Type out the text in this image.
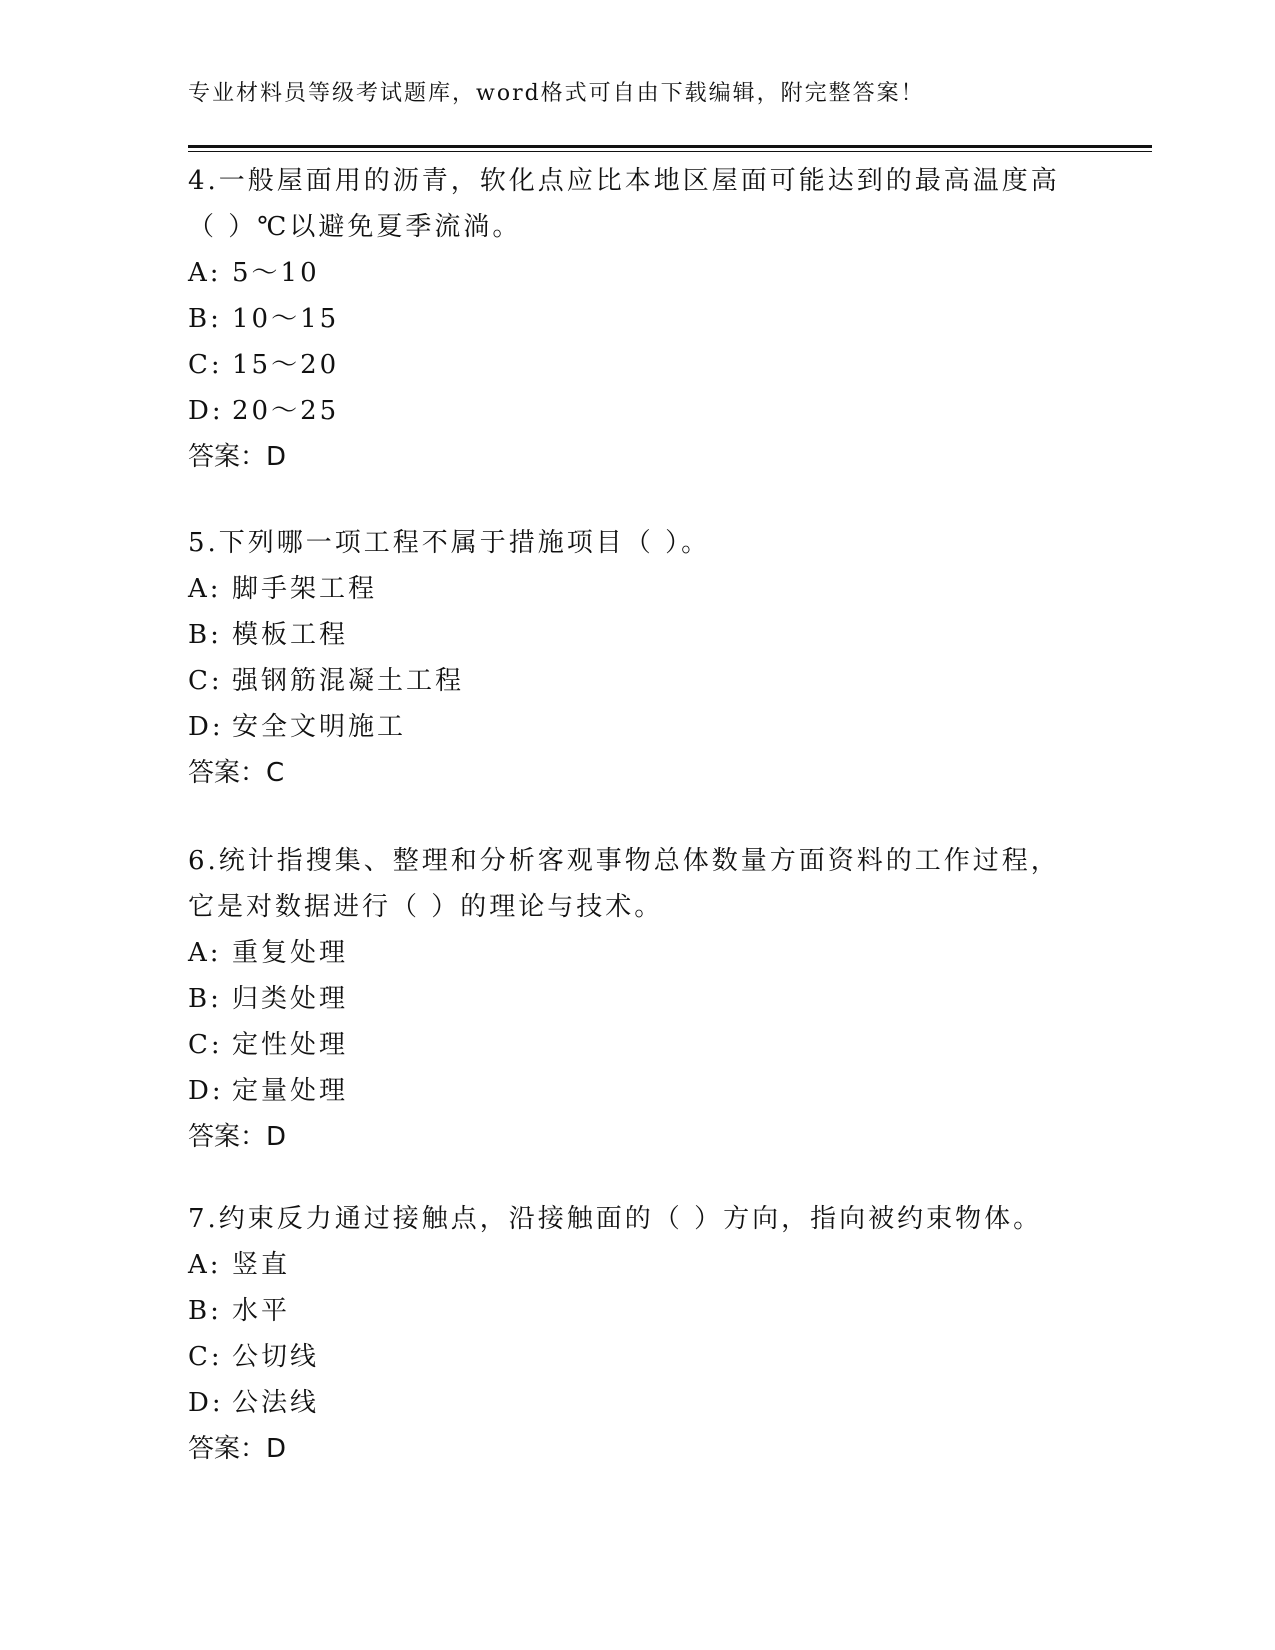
专业材料员等级考试题库，word格式可自由下载编辑，附完整答案！
4.一般屋面用的沥青，软化点应比本地区屋面可能达到的最高温度高
（ ）℃以避免夏季流淌。
A: 5～10
B: 10～15
C: 15～20
D: 20～25
答案：D
5.下列哪一项工程不属于措施项目（ ）。
A: 脚手架工程
B: 模板工程
C: 强钢筋混凝土工程
D: 安全文明施工
答案：C
6.统计指搜集、整理和分析客观事物总体数量方面资料的工作过程，
它是对数据进行（ ）的理论与技术。
A: 重复处理
B: 归类处理
C: 定性处理
D: 定量处理
答案：D
7.约束反力通过接触点，沿接触面的（ ）方向，指向被约束物体。
A: 竖直
B: 水平
C: 公切线
D: 公法线
答案：D
